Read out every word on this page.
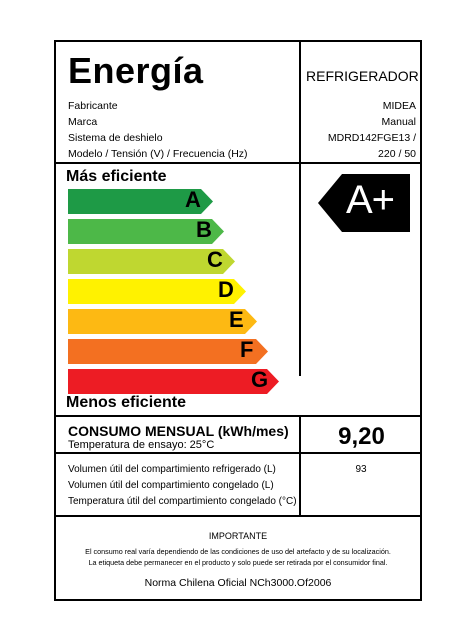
Energía	REFRIGERADOR
Fabricante
Marca
Sistema de deshielo
Modelo / Tensión (V) / Frecuencia (Hz)
MIDEA
Manual
MDRD142FGE13 /
220 / 50
Más eficiente
A
B
C
D
E
F
G
Menos eficiente
A+
CONSUMO MENSUAL (kWh/mes)
Temperatura de ensayo: 25°C	9,20
Volumen útil del compartimiento refrigerado (L)
Volumen útil del compartimiento congelado (L)
Temperatura útil del compartimiento congelado (°C)
93
IMPORTANTE
El consumo real varía dependiendo de las condiciones de uso del artefacto y de su localización.
La etiqueta debe permanecer en el producto y solo puede ser retirada por el consumidor final.
Norma Chilena Oficial NCh3000.Of2006
